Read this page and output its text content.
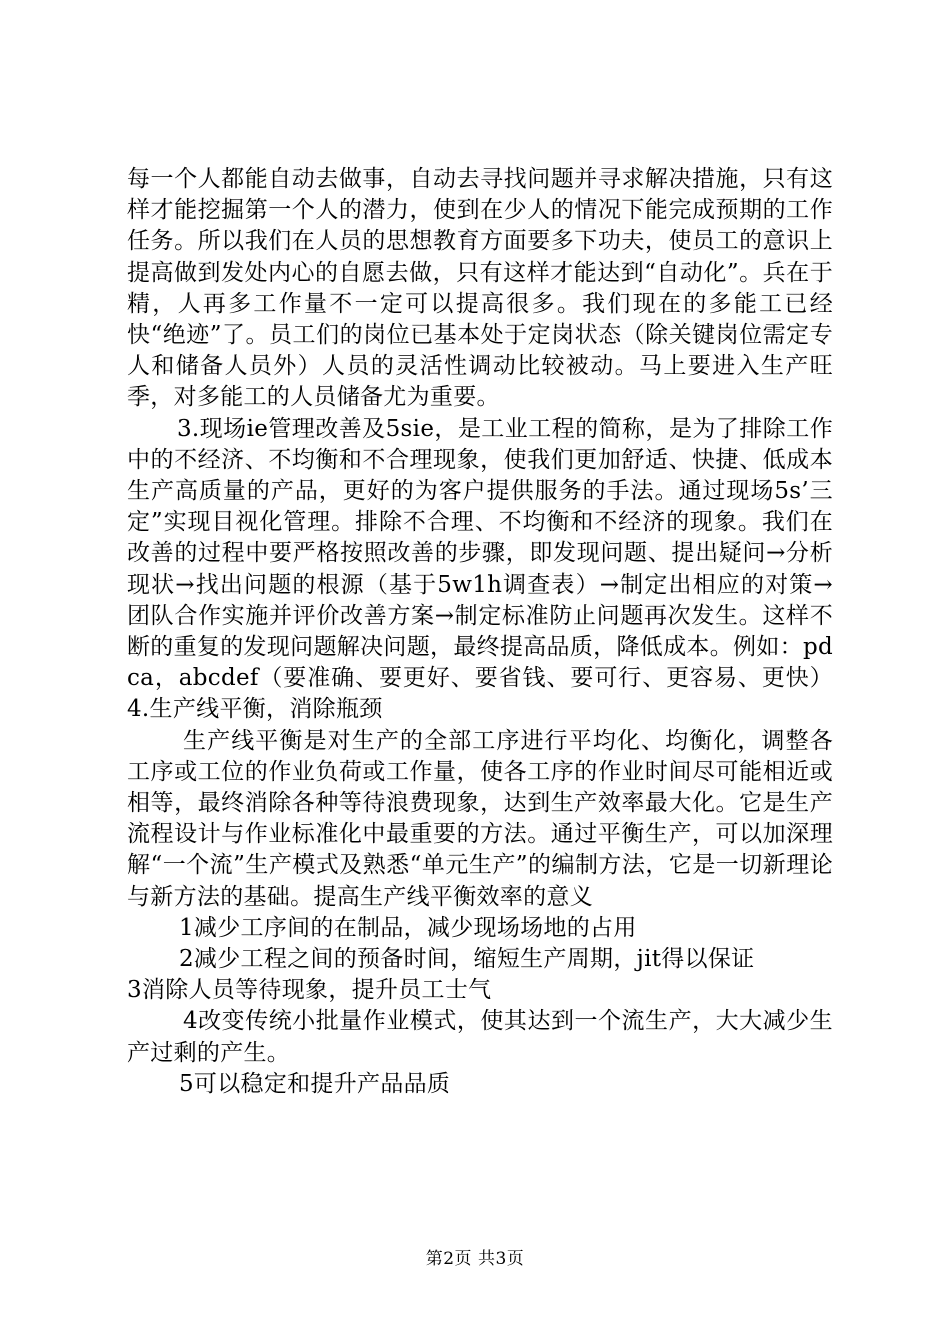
每一个人都能自动去做事，自动去寻找问题并寻求解决措施，只有这样才能挖掘第一个人的潜力，使到在少人的情况下能完成预期的工作任务。所以我们在人员的思想教育方面要多下功夫，使员工的意识上提高做到发处内心的自愿去做，只有这样才能达到“自动化”。兵在于精，人再多工作量不一定可以提高很多。我们现在的多能工已经快“绝迹”了。员工们的岗位已基本处于定岗状态（除关键岗位需定专人和储备人员外）人员的灵活性调动比较被动。马上要进入生产旺季，对多能工的人员储备尤为重要。

3.现场ie管理改善及5sie，是工业工程的简称，是为了排除工作中的不经济、不均衡和不合理现象，使我们更加舒适、快捷、低成本生产高质量的产品，更好的为客户提供服务的手法。通过现场5s’三定”实现目视化管理。排除不合理、不均衡和不经济的现象。我们在改善的过程中要严格按照改善的步骤，即发现问题、提出疑问→分析现状→找出问题的根源（基于5w1h调查表）→制定出相应的对策→团队合作实施并评价改善方案→制定标准防止问题再次发生。这样不断的重复的发现问题解决问题，最终提高品质，降低成本。例如：pdca，abcdef（要准确、要更好、要省钱、要可行、更容易、更快）4.生产线平衡，消除瓶颈

生产线平衡是对生产的全部工序进行平均化、均衡化，调整各工序或工位的作业负荷或工作量，使各工序的作业时间尽可能相近或相等，最终消除各种等待浪费现象，达到生产效率最大化。它是生产流程设计与作业标准化中最重要的方法。通过平衡生产，可以加深理解“一个流”生产模式及熟悉“单元生产”的编制方法，它是一切新理论与新方法的基础。提高生产线平衡效率的意义

1减少工序间的在制品，减少现场场地的占用

2减少工程之间的预备时间，缩短生产周期，jit得以保证

3消除人员等待现象，提升员工士气

4改变传统小批量作业模式，使其达到一个流生产，大大减少生产过剩的产生。

5可以稳定和提升产品品质

第2页 共3页
